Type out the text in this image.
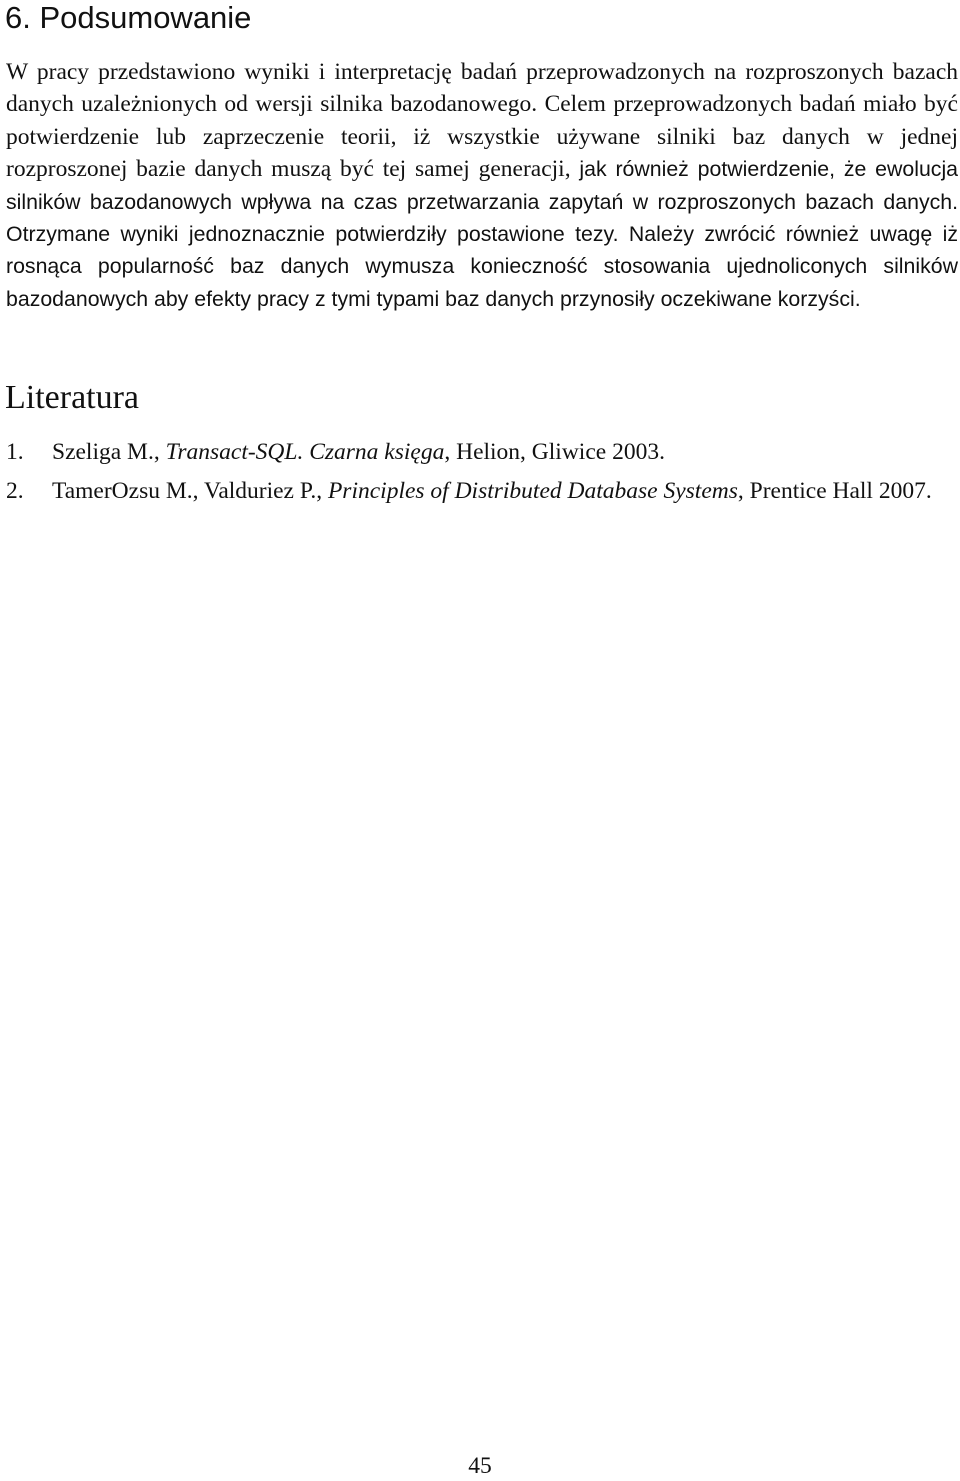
6. Podsumowanie

W pracy przedstawiono wyniki i interpretację badań przeprowadzonych na rozproszonych bazach danych uzależnionych od wersji silnika bazodanowego. Celem przeprowadzonych badań miało być potwierdzenie lub zaprzeczenie teorii, iż wszystkie używane silniki baz danych w jednej rozproszonej bazie danych muszą być tej samej generacji, jak również potwierdzenie, że ewolucja silników bazodanowych wpływa na czas przetwarzania zapytań w rozproszonych bazach danych. Otrzymane wyniki jednoznacznie potwierdziły postawione tezy. Należy zwrócić również uwagę iż rosnąca popularność baz danych wymusza konieczność stosowania ujednoliconych silników bazodanowych aby efekty pracy z tymi typami baz danych przynosiły oczekiwane korzyści.

Literatura
1.	Szeliga M., Transact-SQL. Czarna księga, Helion, Gliwice 2003.
2.	TamerOzsu M., Valduriez P., Principles of Distributed Database Systems, Prentice Hall 2007.
45
